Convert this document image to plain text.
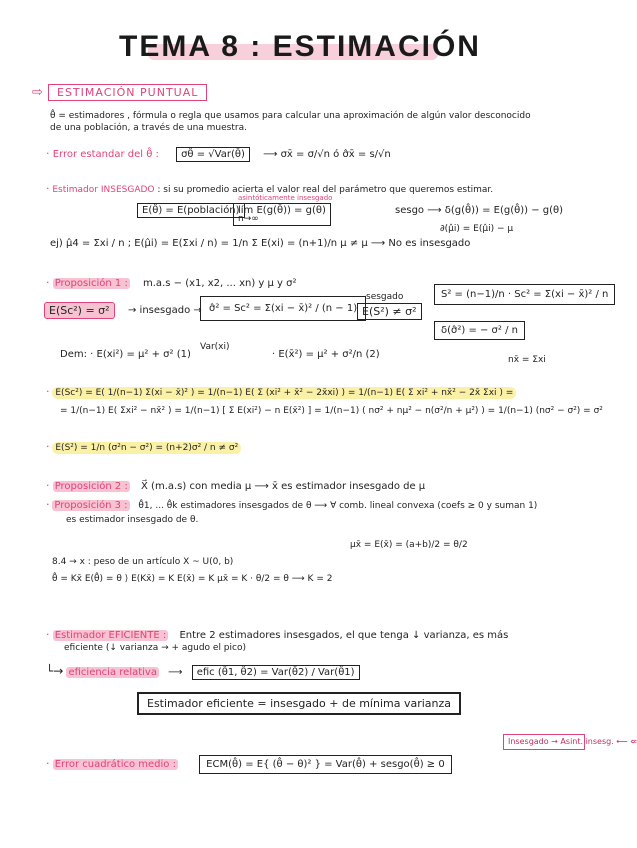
TEMA 8 : ESTIMACIÓN
⇨ ESTIMACIÓN PUNTUAL
θ̂ = estimadores , fórmula o regla que usamos para calcular una aproximación de algún valor desconocido
de una población, a través de una muestra.
· Error estandar del θ̂ : σθ̂ = √Var(θ̂) ⟶ σx̄ = σ/√n ó σ̂x̄ = s/√n
· Estimador INSESGADO : si su promedio acierta el valor real del parámetro que queremos estimar.
asintóticamente insesgado
E(θ̂) = E(población)
lím E(g(θ̂)) = g(θ)
n→∞
sesgo ⟶ δ(g(θ̂)) = E(g(θ̂)) − g(θ)
∂(μ̂i) = E(μ̂i) − μ
ej) μ̂4 = Σxi / n ; E(μ̂i) = E(Σxi / n) = 1/n Σ E(xi) = (n+1)/n μ ≠ μ ⟶ No es insesgado
· Proposición 1 : m.a.s − (x1, x2, ... xn) y μ y σ²
sesgado
E(Sc²) = σ²	→ insesgado → σ̂² = Sc² = Σ(xi − x̄)² / (n − 1) E(S²) ≠ σ²
S² = (n−1)/n · Sc² = Σ(xi − x̄)² / n
δ(σ̂²) = − σ² / n
Var(xi)
Dem: · E(xi²) = μ² + σ² (1)	· E(x̄²) = μ² + σ²/n (2)	nx̄ = Σxi
· E(Sc²) = E( 1/(n−1) Σ(xi − x̄)² ) = 1/(n−1) E( Σ (xi² + x̄² − 2x̄xi) ) = 1/(n−1) E( Σ xi² + nx̄² − 2x̄ Σxi ) =
= 1/(n−1) E( Σxi² − nx̄² ) = 1/(n−1) [ Σ E(xi²) − n E(x̄²) ] = 1/(n−1) ( nσ² + nμ² − n(σ²/n + μ²) ) = 1/(n−1) (nσ² − σ²) = σ²
· E(S²) = 1/n (σ²n − σ²) = (n+2)σ² / n ≠ σ²
· Proposición 2 : X⃗ (m.a.s) con media μ ⟶ x̄ es estimador insesgado de μ
· Proposición 3 : θ̂1, ... θ̂k estimadores insesgados de θ ⟶ ∀ comb. lineal convexa (coefs ≥ 0 y suman 1)
es estimador insesgado de θ.
μx̄ = E(x̄) = (a+b)/2 = θ/2
8.4 → x : peso de un artículo X ~ U(0, b)
θ̂ = Kx̄ E(θ̂) = θ ⟩ E(Kx̄) = K E(x̄) = K μx̄ = K · θ/2 = θ ⟶ K = 2
· Estimador EFICIENTE : Entre 2 estimadores insesgados, el que tenga ↓ varianza, es más
eficiente (↓ varianza → + agudo el pico)
└→ eficiencia relativa ⟶ efic (θ̂1, θ̂2) = Var(θ̂2) / Var(θ̂1)
Estimador eficiente = insesgado + de mínima varianza
Insesgado → Asint. insesg. ⟵ ⇍
· Error cuadrático medio :	ECM(θ̂) = E{ (θ̂ − θ)² } = Var(θ̂) + sesgo(θ̂) ≥ 0
